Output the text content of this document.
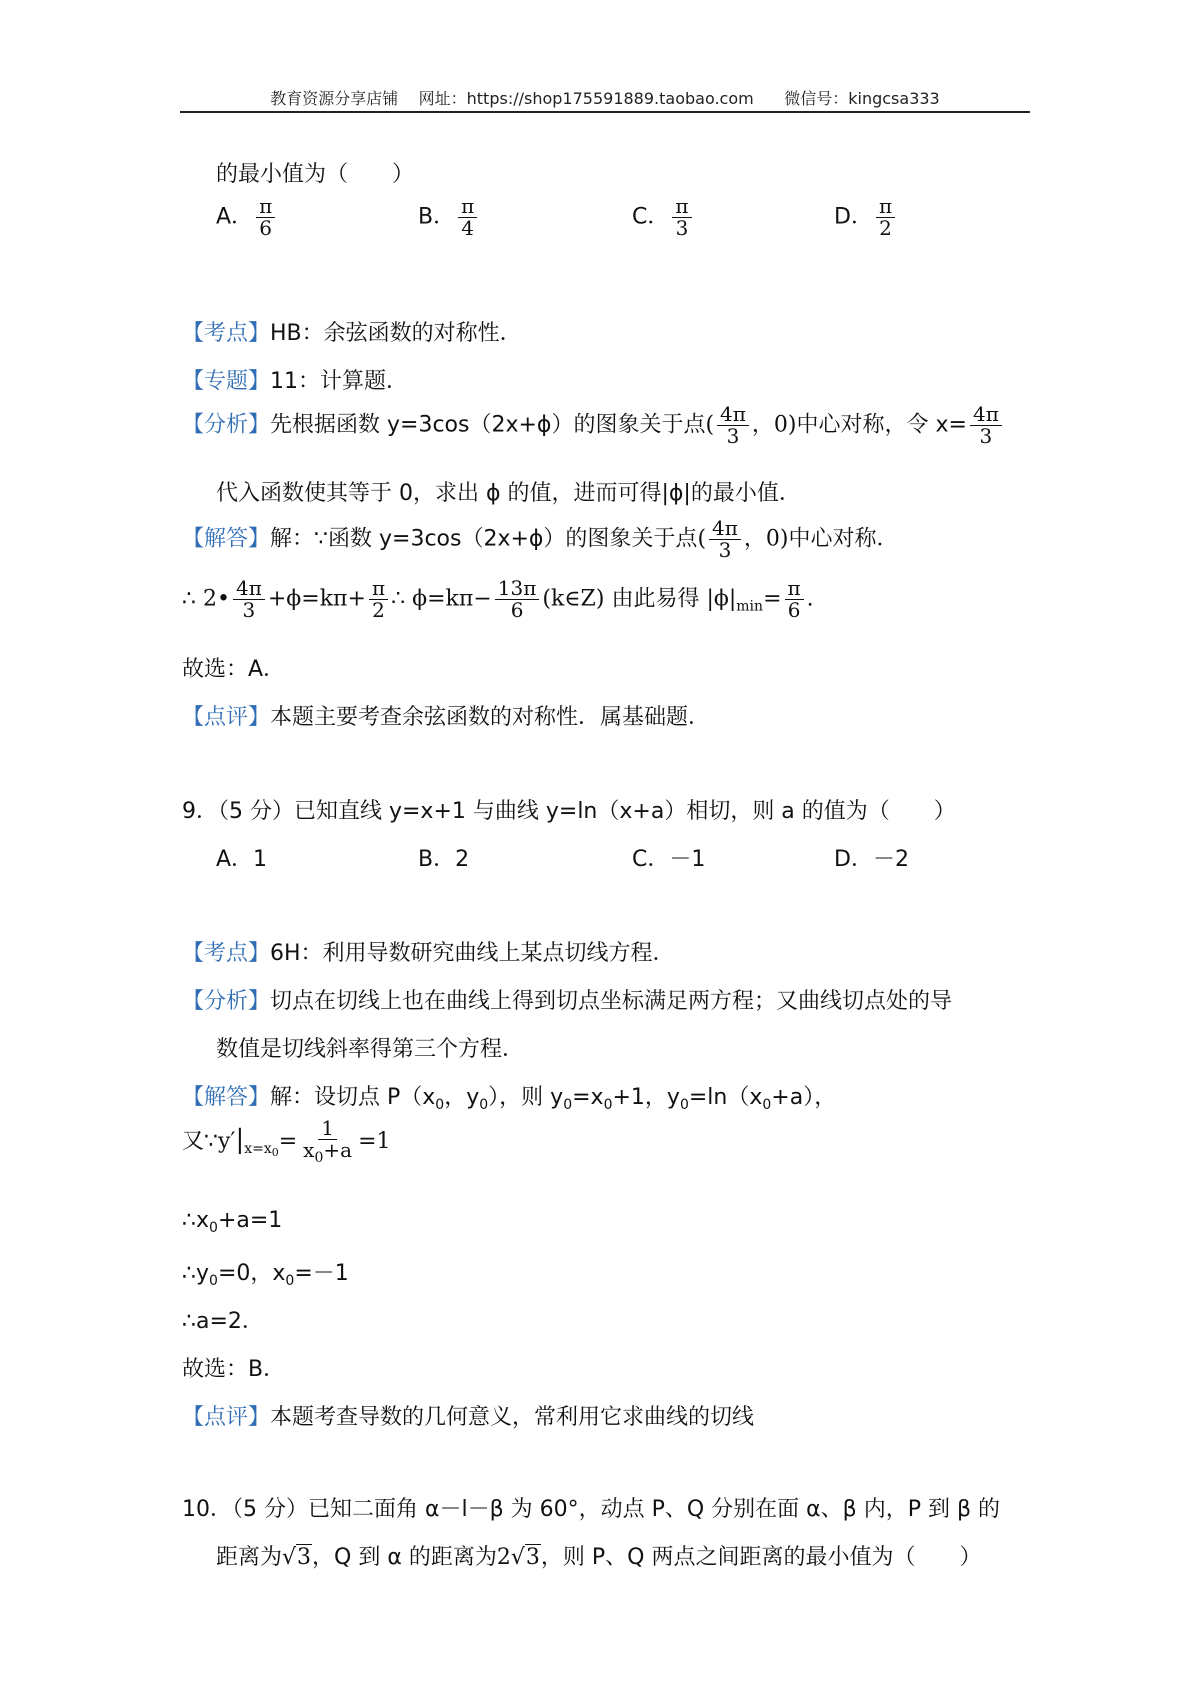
教育资源分享店铺 网址：https://shop175591889.taobao.com 微信号：kingcsa333
的最小值为（　　）
A． $\frac{\pi}{6}$	B． $\frac{\pi}{4}$	C． $\frac{\pi}{3}$	D． $\frac{\pi}{2}$
【考点】HB：余弦函数的对称性．
【专题】11：计算题．
【分析】先根据函数 y=3cos（2x+ϕ）的图象关于点( $\frac{4\pi}{3}$ ，0)中心对称，令 $x= \frac{4\pi}{3}$
代入函数使其等于 0，求出 ϕ 的值，进而可得|ϕ|的最小值．
【解答】解：∵函数 y=3cos（2x+ϕ）的图象关于点( $\frac{4\pi}{3}$ ，0)中心对称．
∴ 2• $\frac{4\pi}{3} +\phi=k\pi+ \frac{\pi}{2}$ ∴ $\phi=k\pi- \frac{13\pi}{6}$ (k∈Z) 由此易得 $|\phi|_{min}= \frac{\pi}{6}$ .
故选：A．
【点评】本题主要考查余弦函数的对称性．属基础题．
9．（5 分）已知直线 y=x+1 与曲线 y=ln（x+a）相切，则 a 的值为（　　）
A．1	B．2	C．－1	D．－2
【考点】6H：利用导数研究曲线上某点切线方程．
【分析】切点在切线上也在曲线上得到切点坐标满足两方程；又曲线切点处的导
数值是切线斜率得第三个方程．
【解答】解：设切点 $P(x_0$，$y_0$），则 $y_0=x_0+1$，$y_0=\ln(x_0+a)$，
又$\because y'|_{x=x0}= \frac{1}{x_0+a} =1$
$\therefore x_0+a=1$
$\therefore y_0=0$，$x_0=-1$
∴a=2．
故选：B．
【点评】本题考查导数的几何意义，常利用它求曲线的切线
10．（5 分）已知二面角 α－l－β 为 60°，动点 P、Q 分别在面 α、β 内，P 到 β 的
距离为√3，Q 到 α 的距离为2√3，则 P、Q 两点之间距离的最小值为（　　）
